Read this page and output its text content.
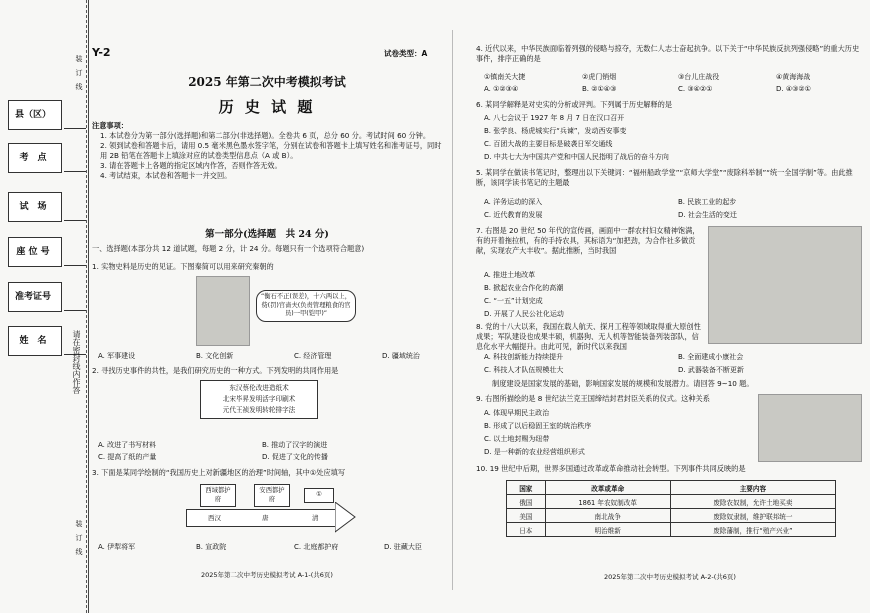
县（区）
考　点
试　场
座 位 号
准考证号
姓　名	请在密封线内作答
装　订　线
装　订　线
Y-2	试卷类型：A
2025 年第二次中考模拟考试
历 史 试 题
注意事项：
1. 本试卷分为第一部分(选择题)和第二部分(非选择题)。全卷共 6 页，总分 60 分。考试时间 60 分钟。
2. 领到试卷和答题卡后，请用 0.5 毫米黑色墨水签字笔，分别在试卷和答题卡上填写姓名和准考证号，同时用 2B 铅笔在答题卡上填涂对应的试卷类型信息点（A 或 B）。
3. 请在答题卡上各题的指定区域内作答，否则作答无效。
4. 考试结束，本试卷和答题卡一并交回。
第一部分(选择题　共 24 分)
一、选择题(本部分共 12 道试题，每题 2 分，计 24 分。每题只有一个选项符合题意)
1. 实物史料是历史的见证。下图秦简可以用来研究秦朝的
“衡石不正(误差)，十六两以上，赀(罚)官啬夫(负责管理粮食的官员)一甲(铠甲)”
A. 军事建设	B. 文化创新	C. 经济管理	D. 疆域统治
2. 寻找历史事件的共性，是我们研究历史的一种方式。下列发明的共同作用是
东汉蔡伦改进造纸术
北宋毕昇发明活字印刷术
元代王祯发明转轮排字法
A. 改进了书写材料	B. 推动了汉字的演进
C. 提高了纸的产量	D. 促进了文化的传播
3. 下面是某同学绘制的“我国历史上对新疆地区的治理”时间轴，其中①处应填写
西域都护府
安西都护府
①
西汉	唐	清
A. 伊犁将军	B. 宣政院	C. 北庭都护府	D. 驻藏大臣
2025年第二次中考历史模拟考试 A-1-(共6页)
4. 近代以来，中华民族面临着列强的侵略与掠夺，无数仁人志士奋起抗争。以下关于“中华民族反抗列强侵略”的重大历史事件，排序正确的是
①镇南关大捷	②虎门销烟	③台儿庄战役	④黄海海战
A. ①②③④	B. ②①④③	C. ③④②①	D. ④③②①
6. 某同学解释是对史实的分析或评判。下列属于历史解释的是
A. 八七会议于 1927 年 8 月 7 日在汉口召开
B. 张学良、杨虎城实行“兵谏”，发动西安事变
C. 百团大战的主要目标是破袭日军交通线
D. 中共七大为中国共产党和中国人民指明了战后的奋斗方向
5. 某同学在做读书笔记时，整理出以下关键词：“福州船政学堂”“京师大学堂”“废除科举制”“统一全国学制”等。由此推断，该同学读书笔记的主题最
A. 洋务运动的深入	B. 民族工业的起步
C. 近代教育的发展	D. 社会生活的变迁
7. 右图是 20 世纪 50 年代的宣传画，画面中一群农村妇女精神饱满，有的开着拖拉机，有的手持农具，其标语为“加把劲，为合作社多做贡献，实现农产大丰收”。据此推断，当时我国
A. 推进土地改革
B. 掀起农业合作化的高潮
C. “一五”计划完成
D. 开展了人民公社化运动
8. 党的十八大以来，我国在载人航天、探月工程等领域取得重大原创性成果；军队建设也成果丰硕，机器狗、无人机等智能装备列装部队，信息化水平大幅提升。由此可见，新时代以来我国
A. 科技创新能力持续提升	B. 全面建成小康社会
C. 科技人才队伍规模壮大	D. 武器装备不断更新
制度建设是国家发展的基础，影响国家发展的规模和发展潜力。请回答 9~10 题。
9. 右图所描绘的是 8 世纪法兰克王国缔结封君封臣关系的仪式。这种关系
A. 体现早期民主政治
B. 形成了以后稳固王室的统治秩序
C. 以土地封赐为纽带
D. 是一种新的农业经营组织形式
10. 19 世纪中后期，世界多国通过改革或革命推动社会转型。下列事件共同反映的是
国家	改革或革命	主要内容
俄国	1861 年农奴制改革	废除农奴制，允许土地买卖
美国	南北战争	废除奴隶制，维护联邦统一
日本	明治维新	废除藩制，推行“殖产兴业”
2025年第二次中考历史模拟考试 A-2-(共6页)
